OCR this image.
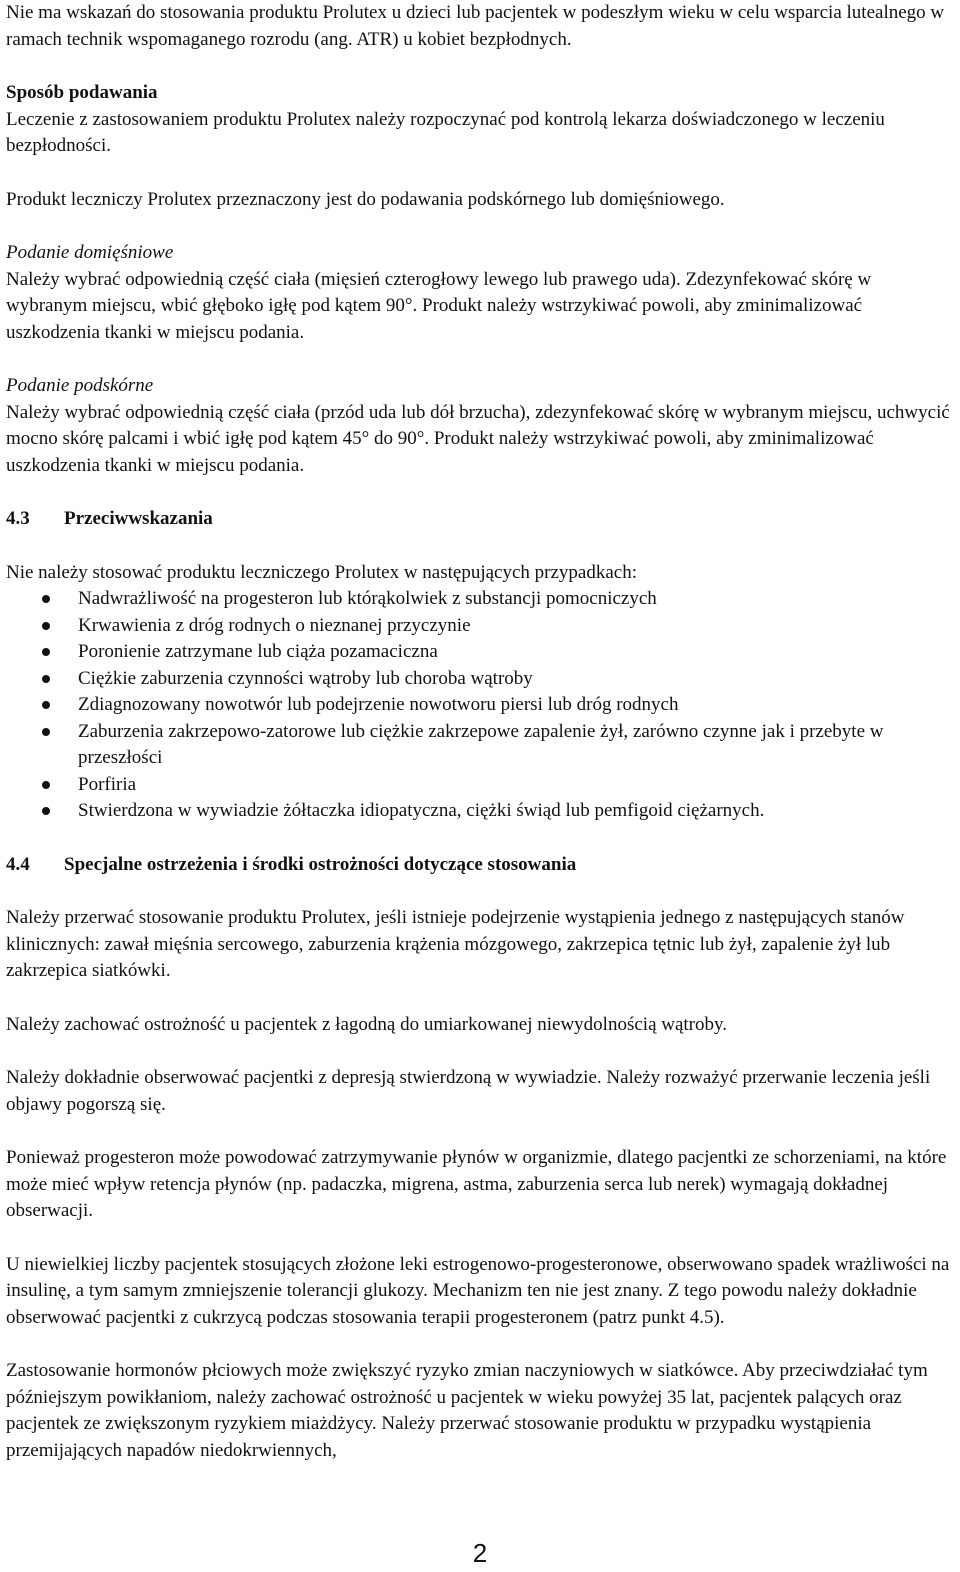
Nie ma wskazań do stosowania produktu Prolutex u dzieci lub pacjentek w podeszłym wieku w celu wsparcia lutealnego w ramach technik wspomaganego rozrodu (ang. ATR) u kobiet bezpłodnych.

Sposób podawania

Leczenie z zastosowaniem produktu Prolutex należy rozpoczynać pod kontrolą lekarza doświadczonego w leczeniu bezpłodności.

Produkt leczniczy Prolutex przeznaczony jest do podawania podskórnego lub domięśniowego.

Podanie domięśniowe

Należy wybrać odpowiednią część ciała (mięsień czterogłowy lewego lub prawego uda). Zdezynfekować skórę w wybranym miejscu, wbić głęboko igłę pod kątem 90°. Produkt należy wstrzykiwać powoli, aby zminimalizować uszkodzenia tkanki w miejscu podania.

Podanie podskórne

Należy wybrać odpowiednią część ciała (przód uda lub dół brzucha), zdezynfekować skórę w wybranym miejscu, uchwycić mocno skórę palcami i wbić igłę pod kątem 45° do 90°. Produkt należy wstrzykiwać powoli, aby zminimalizować uszkodzenia tkanki w miejscu podania.

4.3	Przeciwwskazania

Nie należy stosować produktu leczniczego Prolutex w następujących przypadkach:

Nadwrażliwość na progesteron lub którąkolwiek z substancji pomocniczych
Krwawienia z dróg rodnych o nieznanej przyczynie
Poronienie zatrzymane lub ciąża pozamaciczna
Ciężkie zaburzenia czynności wątroby lub choroba wątroby
Zdiagnozowany nowotwór lub podejrzenie nowotworu piersi lub dróg rodnych
Zaburzenia zakrzepowo-zatorowe lub ciężkie zakrzepowe zapalenie żył, zarówno czynne jak i przebyte w przeszłości
Porfiria
Stwierdzona w wywiadzie żółtaczka idiopatyczna, ciężki świąd lub pemfigoid ciężarnych.
4.4	Specjalne ostrzeżenia i środki ostrożności dotyczące stosowania

Należy przerwać stosowanie produktu Prolutex, jeśli istnieje podejrzenie wystąpienia jednego z następujących stanów klinicznych: zawał mięśnia sercowego, zaburzenia krążenia mózgowego, zakrzepica tętnic lub żył, zapalenie żył lub zakrzepica siatkówki.

Należy zachować ostrożność u pacjentek z łagodną do umiarkowanej niewydolnością wątroby.

Należy dokładnie obserwować pacjentki z depresją stwierdzoną w wywiadzie. Należy rozważyć przerwanie leczenia jeśli objawy pogorszą się.

Ponieważ progesteron może powodować zatrzymywanie płynów w organizmie, dlatego pacjentki ze schorzeniami, na które może mieć wpływ retencja płynów (np. padaczka, migrena, astma, zaburzenia serca lub nerek) wymagają dokładnej obserwacji.

U niewielkiej liczby pacjentek stosujących złożone leki estrogenowo-progesteronowe, obserwowano spadek wrażliwości na insulinę, a tym samym zmniejszenie tolerancji glukozy. Mechanizm ten nie jest znany. Z tego powodu należy dokładnie obserwować pacjentki z cukrzycą podczas stosowania terapii progesteronem (patrz punkt 4.5).

Zastosowanie hormonów płciowych może zwiększyć ryzyko zmian naczyniowych w siatkówce. Aby przeciwdziałać tym późniejszym powikłaniom, należy zachować ostrożność u pacjentek w wieku powyżej 35 lat, pacjentek palących oraz pacjentek ze zwiększonym ryzykiem miażdżycy. Należy przerwać stosowanie produktu w przypadku wystąpienia przemijających napadów niedokrwiennych,

2
